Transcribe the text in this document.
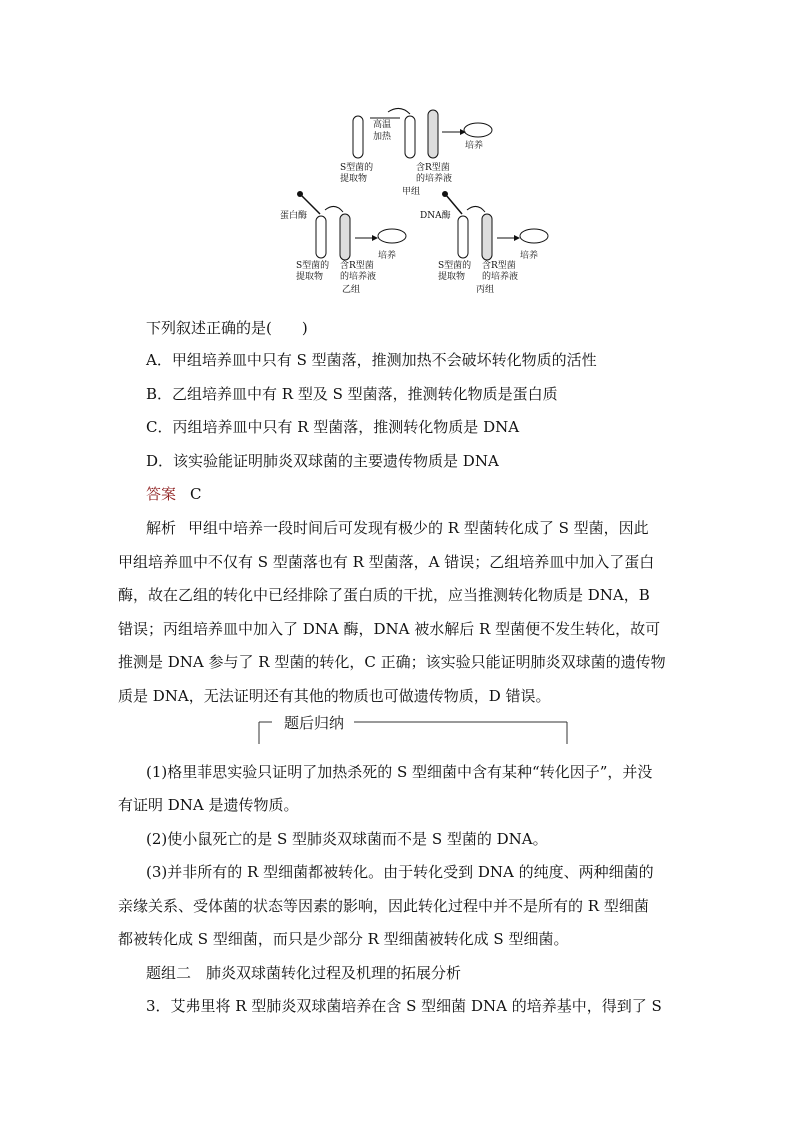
高温
加热
培养
S型菌的
提取物
含R型菌
的培养液
甲组
蛋白酶
培养
S型菌的
提取物
含R型菌
的培养液
乙组
DNA酶
培养
S型菌的
提取物
含R型菌
的培养液
丙组
下列叙述正确的是(　　)
A．甲组培养皿中只有 S 型菌落，推测加热不会破坏转化物质的活性
B．乙组培养皿中有 R 型及 S 型菌落，推测转化物质是蛋白质
C．丙组培养皿中只有 R 型菌落，推测转化物质是 DNA
D．该实验能证明肺炎双球菌的主要遗传物质是 DNA
答案 C
解析 甲组中培养一段时间后可发现有极少的 R 型菌转化成了 S 型菌，因此
甲组培养皿中不仅有 S 型菌落也有 R 型菌落，A 错误；乙组培养皿中加入了蛋白
酶，故在乙组的转化中已经排除了蛋白质的干扰，应当推测转化物质是 DNA，B
错误；丙组培养皿中加入了 DNA 酶，DNA 被水解后 R 型菌便不发生转化，故可
推测是 DNA 参与了 R 型菌的转化，C 正确；该实验只能证明肺炎双球菌的遗传物
质是 DNA，无法证明还有其他的物质也可做遗传物质，D 错误。
题后归纳
(1)格里菲思实验只证明了加热杀死的 S 型细菌中含有某种“转化因子”，并没
有证明 DNA 是遗传物质。
(2)使小鼠死亡的是 S 型肺炎双球菌而不是 S 型菌的 DNA。
(3)并非所有的 R 型细菌都被转化。由于转化受到 DNA 的纯度、两种细菌的
亲缘关系、受体菌的状态等因素的影响，因此转化过程中并不是所有的 R 型细菌
都被转化成 S 型细菌，而只是少部分 R 型细菌被转化成 S 型细菌。
题组二　肺炎双球菌转化过程及机理的拓展分析
3．艾弗里将 R 型肺炎双球菌培养在含 S 型细菌 DNA 的培养基中，得到了 S
